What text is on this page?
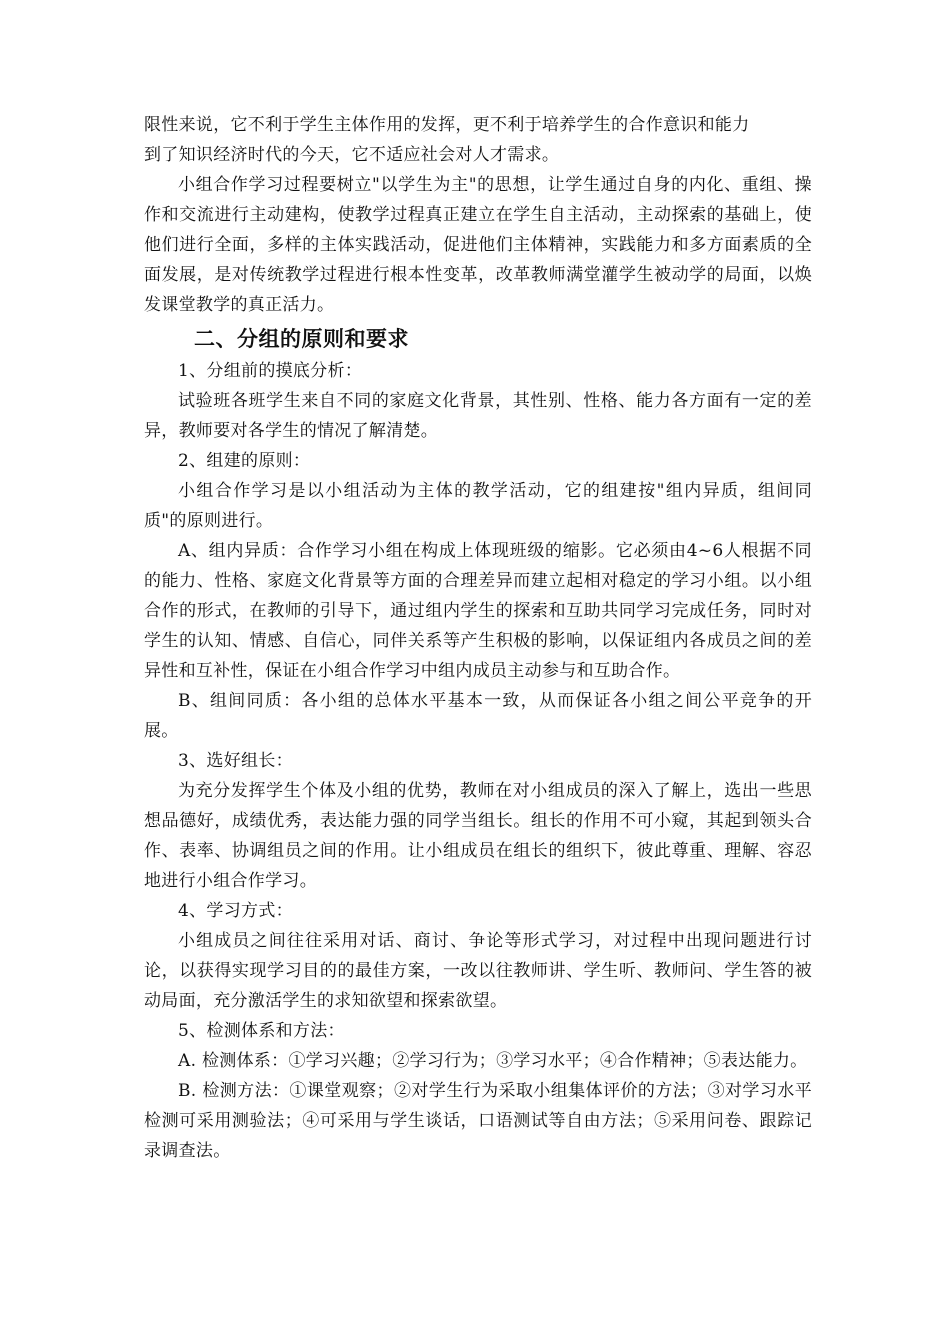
限性来说，它不利于学生主体作用的发挥，更不利于培养学生的合作意识和能力

到了知识经济时代的今天，它不适应社会对人才需求。

小组合作学习过程要树立"以学生为主"的思想，让学生通过自身的内化、重组、操作和交流进行主动建构，使教学过程真正建立在学生自主活动，主动探索的基础上，使他们进行全面，多样的主体实践活动，促进他们主体精神，实践能力和多方面素质的全面发展，是对传统教学过程进行根本性变革，改革教师满堂灌学生被动学的局面，以焕发课堂教学的真正活力。

二、分组的原则和要求

1、分组前的摸底分析：

试验班各班学生来自不同的家庭文化背景，其性别、性格、能力各方面有一定的差异，教师要对各学生的情况了解清楚。

2、组建的原则：

小组合作学习是以小组活动为主体的教学活动，它的组建按"组内异质，组间同质"的原则进行。

A、组内异质：合作学习小组在构成上体现班级的缩影。它必须由4~6人根据不同的能力、性格、家庭文化背景等方面的合理差异而建立起相对稳定的学习小组。以小组合作的形式，在教师的引导下，通过组内学生的探索和互助共同学习完成任务，同时对学生的认知、情感、自信心，同伴关系等产生积极的影响，以保证组内各成员之间的差异性和互补性，保证在小组合作学习中组内成员主动参与和互助合作。

B、组间同质：各小组的总体水平基本一致，从而保证各小组之间公平竞争的开展。

3、选好组长：

为充分发挥学生个体及小组的优势，教师在对小组成员的深入了解上，选出一些思想品德好，成绩优秀，表达能力强的同学当组长。组长的作用不可小窥，其起到领头合作、表率、协调组员之间的作用。让小组成员在组长的组织下，彼此尊重、理解、容忍地进行小组合作学习。

4、学习方式：

小组成员之间往往采用对话、商讨、争论等形式学习，对过程中出现问题进行讨论，以获得实现学习目的的最佳方案，一改以往教师讲、学生听、教师问、学生答的被动局面，充分激活学生的求知欲望和探索欲望。

5、检测体系和方法：

A. 检测体系：①学习兴趣；②学习行为；③学习水平；④合作精神；⑤表达能力。

B. 检测方法：①课堂观察；②对学生行为采取小组集体评价的方法；③对学习水平检测可采用测验法；④可采用与学生谈话，口语测试等自由方法；⑤采用问卷、跟踪记录调查法。
